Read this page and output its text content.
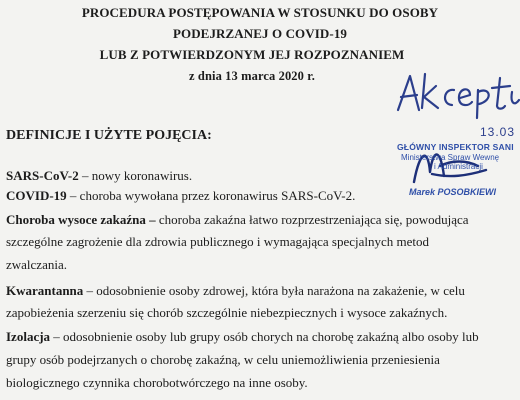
PROCEDURA POSTĘPOWANIA W STOSUNKU DO OSOBY
PODEJRZANEJ O COVID-19
LUB Z POTWIERDZONYM JEJ ROZPOZNANIEM
z dnia 13 marca 2020 r.
DEFINICJE I UŻYTE POJĘCIA:
SARS-CoV-2 – nowy koronawirus.
COVID-19 – choroba wywołana przez koronawirus SARS-CoV-2.
Choroba wysoce zakaźna – choroba zakaźna łatwo rozprzestrzeniająca się, powodująca
szczególne zagrożenie dla zdrowia publicznego i wymagająca specjalnych metod
zwalczania.
Kwarantanna – odosobnienie osoby zdrowej, która była narażona na zakażenie, w celu
zapobieżenia szerzeniu się chorób szczególnie niebezpiecznych i wysoce zakaźnych.
Izolacja – odosobnienie osoby lub grupy osób chorych na chorobę zakaźną albo osoby lub
grupy osób podejrzanych o chorobę zakaźną, w celu uniemożliwienia przeniesienia
biologicznego czynnika chorobotwórczego na inne osoby.
13.03
GŁÓWNY INSPEKTOR SANI
Ministerstwa Spraw Wewnę
i Administracji
Marek POSOBKIEWI
